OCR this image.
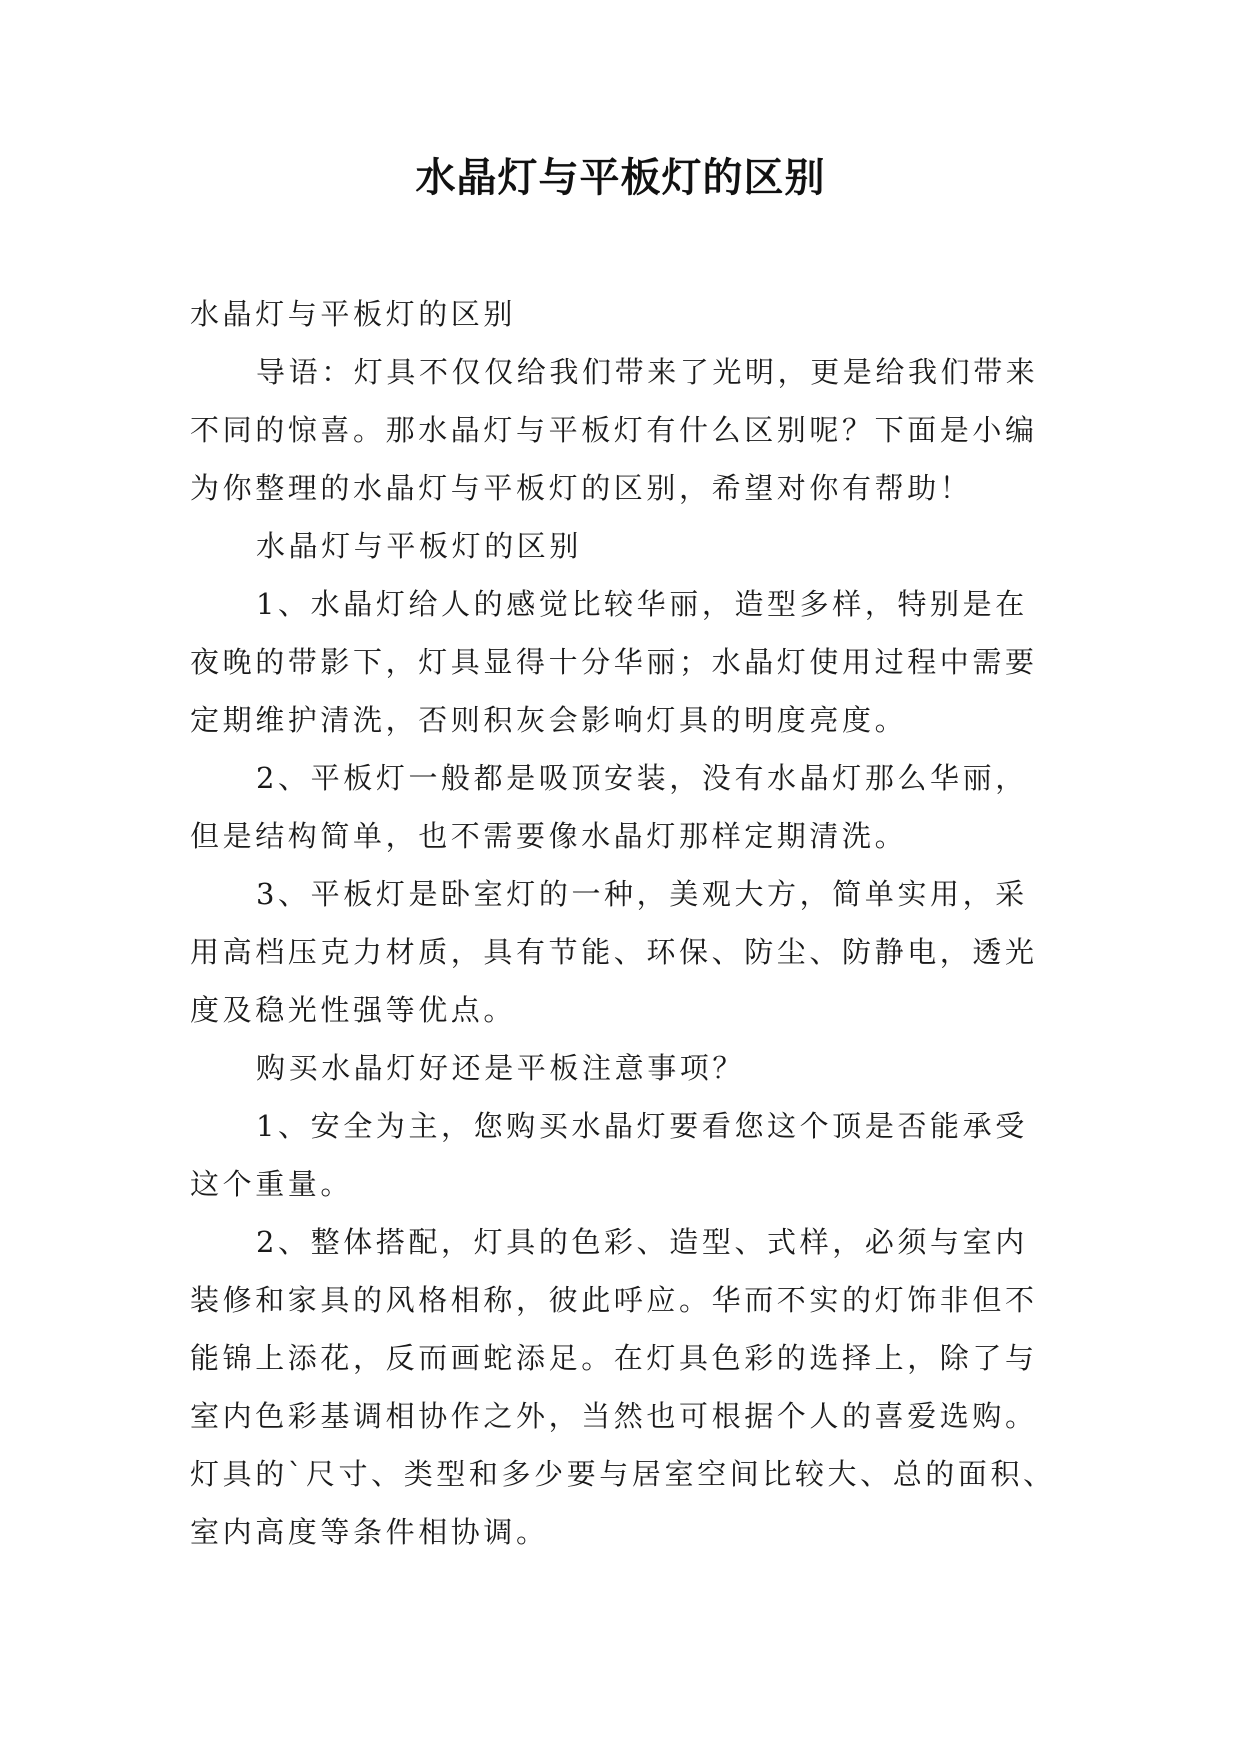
水晶灯与平板灯的区别

水晶灯与平板灯的区别

导语：灯具不仅仅给我们带来了光明，更是给我们带来不同的惊喜。那水晶灯与平板灯有什么区别呢？下面是小编为你整理的水晶灯与平板灯的区别，希望对你有帮助！

水晶灯与平板灯的区别

1、水晶灯给人的感觉比较华丽，造型多样，特别是在夜晚的带影下，灯具显得十分华丽；水晶灯使用过程中需要定期维护清洗，否则积灰会影响灯具的明度亮度。

2、平板灯一般都是吸顶安装，没有水晶灯那么华丽，但是结构简单，也不需要像水晶灯那样定期清洗。

3、平板灯是卧室灯的一种，美观大方，简单实用，采用高档压克力材质，具有节能、环保、防尘、防静电，透光度及稳光性强等优点。

购买水晶灯好还是平板注意事项？

1、安全为主，您购买水晶灯要看您这个顶是否能承受这个重量。

2、整体搭配，灯具的色彩、造型、式样，必须与室内装修和家具的风格相称，彼此呼应。华而不实的灯饰非但不能锦上添花，反而画蛇添足。在灯具色彩的选择上，除了与室内色彩基调相协作之外，当然也可根据个人的喜爱选购。灯具的`尺寸、类型和多少要与居室空间比较大、总的面积、室内高度等条件相协调。
